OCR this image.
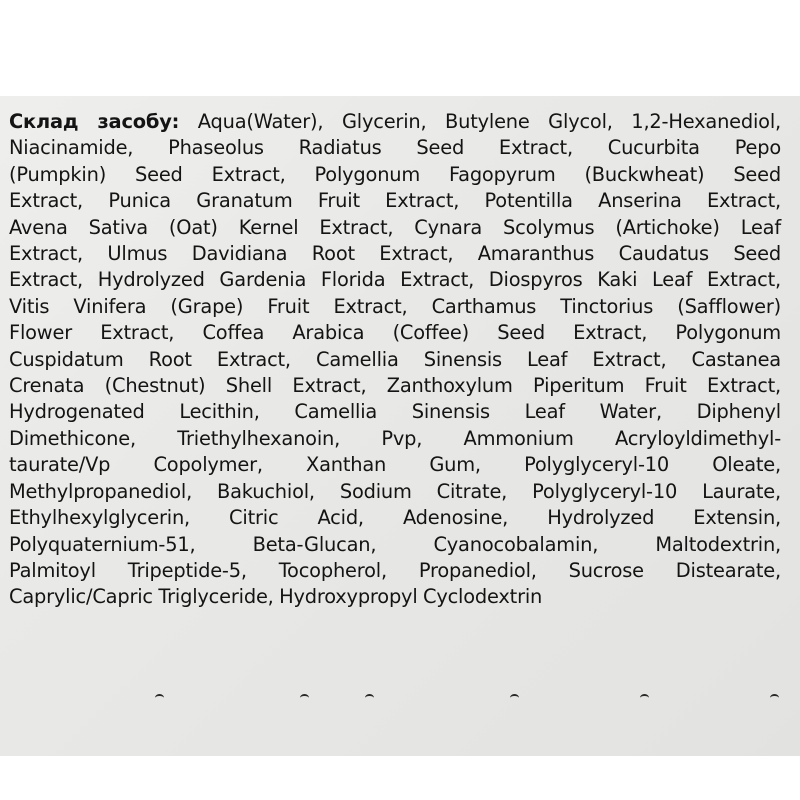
Склад засобу: Aqua(Water), Glycerin, Butylene Glycol, 1,2-Hexanediol,
Niacinamide, Phaseolus Radiatus Seed Extract, Cucurbita Pepo
(Pumpkin) Seed Extract, Polygonum Fagopyrum (Buckwheat) Seed
Extract, Punica Granatum Fruit Extract, Potentilla Anserina Extract,
Avena Sativa (Oat) Kernel Extract, Cynara Scolymus (Artichoke) Leaf
Extract, Ulmus Davidiana Root Extract, Amaranthus Caudatus Seed
Extract, Hydrolyzed Gardenia Florida Extract, Diospyros Kaki Leaf Extract,
Vitis Vinifera (Grape) Fruit Extract, Carthamus Tinctorius (Safflower)
Flower Extract, Coffea Arabica (Coffee) Seed Extract, Polygonum
Cuspidatum Root Extract, Camellia Sinensis Leaf Extract, Castanea
Crenata (Chestnut) Shell Extract, Zanthoxylum Piperitum Fruit Extract,
Hydrogenated Lecithin, Camellia Sinensis Leaf Water, Diphenyl
Dimethicone, Triethylhexanoin, Pvp, Ammonium Acryloyldimethyl-
taurate/Vp Copolymer, Xanthan Gum, Polyglyceryl-10 Oleate,
Methylpropanediol, Bakuchiol, Sodium Citrate, Polyglyceryl-10 Laurate,
Ethylhexylglycerin, Citric Acid, Adenosine, Hydrolyzed Extensin,
Polyquaternium-51, Beta-Glucan, Cyanocobalamin, Maltodextrin,
Palmitoyl Tripeptide-5, Tocopherol, Propanediol, Sucrose Distearate,
Caprylic/Capric Triglyceride, Hydroxypropyl Cyclodextrin
